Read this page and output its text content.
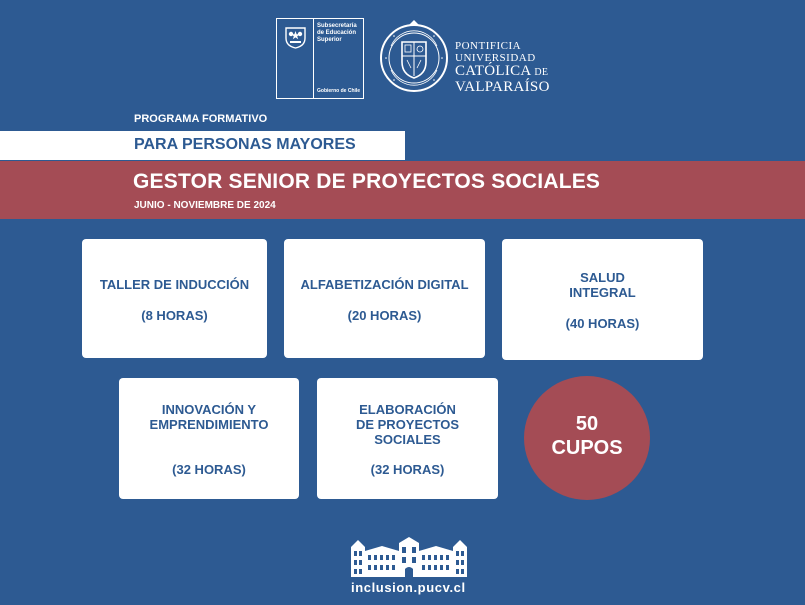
Subsecretaría
de Educación
Superior
Gobierno de Chile
PONTIFICIA
UNIVERSIDAD
CATÓLICA DE
VALPARAÍSO
PROGRAMA FORMATIVO
PARA PERSONAS MAYORES
GESTOR SENIOR DE PROYECTOS SOCIALES
JUNIO - NOVIEMBRE DE 2024
TALLER DE INDUCCIÓN
(8 HORAS)
ALFABETIZACIÓN DIGITAL
(20 HORAS)
SALUD
INTEGRAL
(40 HORAS)
INNOVACIÓN Y
EMPRENDIMIENTO
(32 HORAS)
ELABORACIÓN
DE PROYECTOS
SOCIALES
(32 HORAS)
50
CUPOS
inclusion.pucv.cl
